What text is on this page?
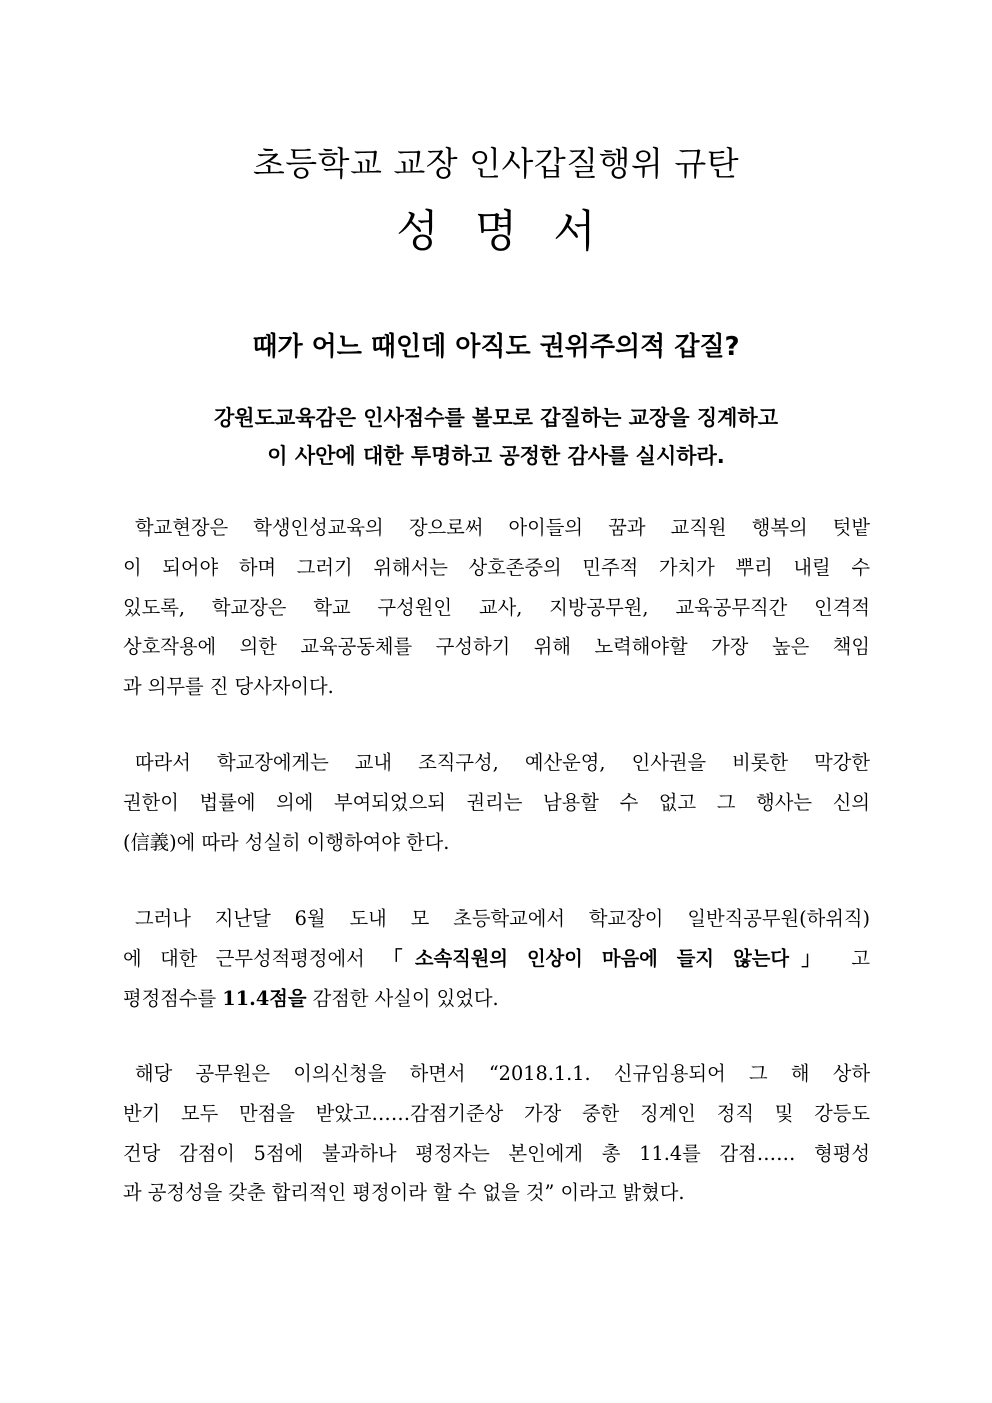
초등학교 교장 인사갑질행위 규탄
성명서
때가 어느 때인데 아직도 권위주의적 갑질?
강원도교육감은 인사점수를 볼모로 갑질하는 교장을 징계하고
이 사안에 대한 투명하고 공정한 감사를 실시하라.
학교현장은 학생인성교육의 장으로써 아이들의 꿈과 교직원 행복의 텃밭
이 되어야 하며 그러기 위해서는 상호존중의 민주적 가치가 뿌리 내릴 수
있도록, 학교장은 학교 구성원인 교사, 지방공무원, 교육공무직간 인격적
상호작용에 의한 교육공동체를 구성하기 위해 노력해야할 가장 높은 책임
과 의무를 진 당사자이다.
따라서 학교장에게는 교내 조직구성, 예산운영, 인사권을 비롯한 막강한
권한이 법률에 의에 부여되었으되 권리는 남용할 수 없고 그 행사는 신의
(信義)에 따라 성실히 이행하여야 한다.
그러나 지난달 6월 도내 모 초등학교에서 학교장이 일반직공무원(하위직)
에 대한 근무성적평정에서 「소속직원의 인상이 마음에 들지 않는다」 고
평정점수를 11.4점을 감점한 사실이 있었다.
해당 공무원은 이의신청을 하면서 “2018.1.1. 신규임용되어 그 해 상하
반기 모두 만점을 받았고……감점기준상 가장 중한 징계인 정직 및 강등도
건당 감점이 5점에 불과하나 평정자는 본인에게 총 11.4를 감점…… 형평성
과 공정성을 갖춘 합리적인 평정이라 할 수 없을 것” 이라고 밝혔다.
